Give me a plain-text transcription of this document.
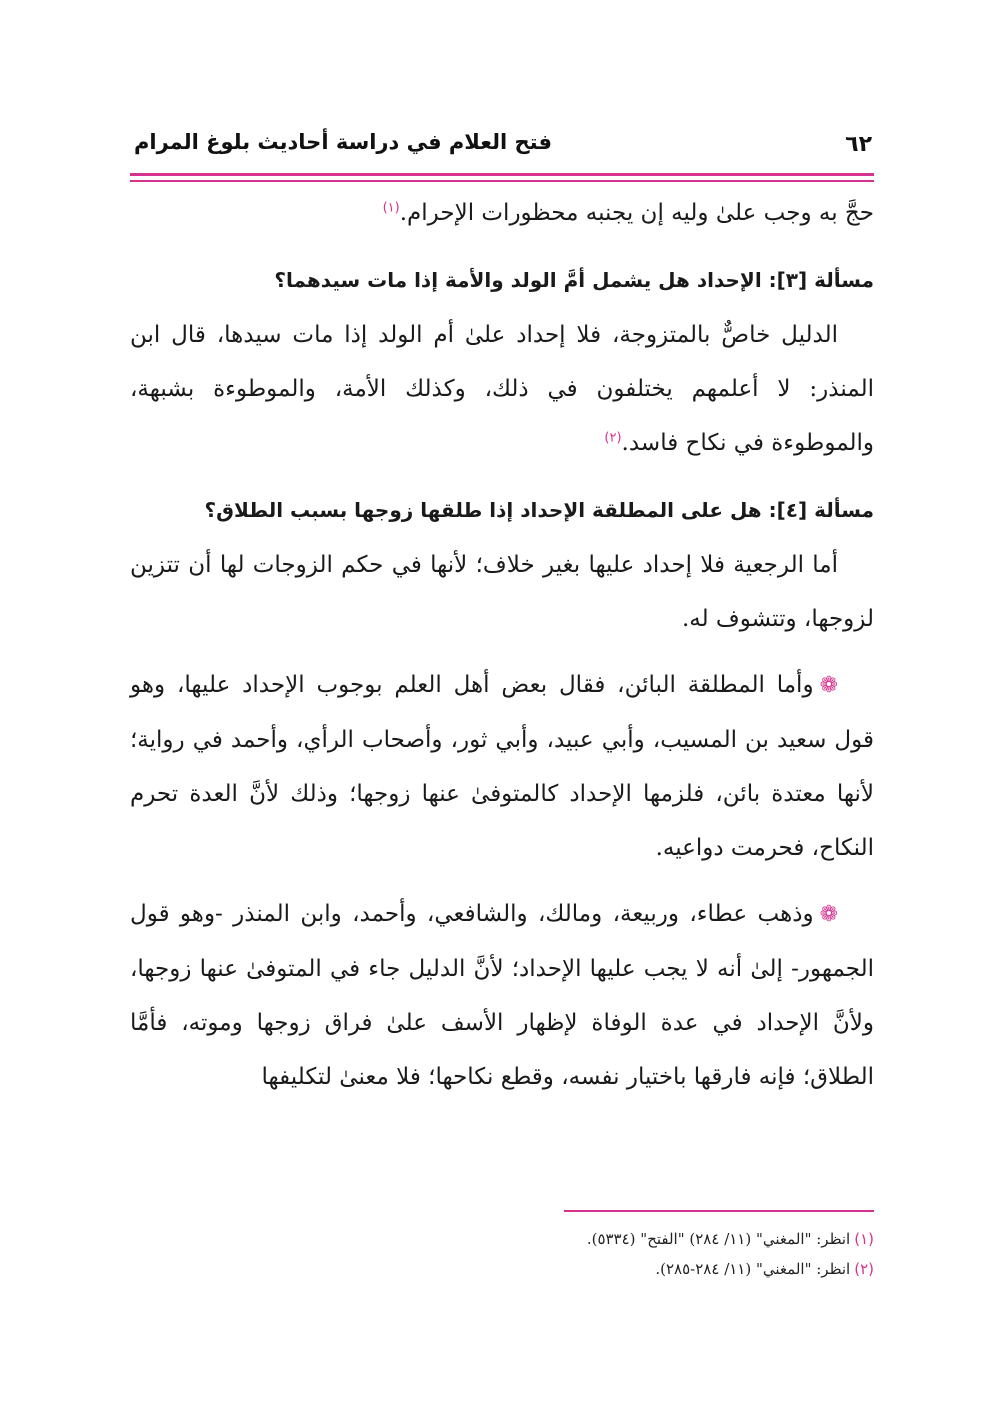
٦٢
فتح العلام في دراسة أحاديث بلوغ المرام

حجَّ به وجب علىٰ وليه إن يجنبه محظورات الإحرام.$^{(١)}$

مسألة [٣]: الإحداد هل يشمل أمَّ الولد والأمة إذا مات سيدهما؟

الدليل خاصٌّ بالمتزوجة، فلا إحداد علىٰ أم الولد إذا مات سيدها، قال ابن المنذر: لا أعلمهم يختلفون في ذلك، وكذلك الأمة، والموطوءة بشبهة، والموطوءة في نكاح فاسد.$^{(٢)}$

مسألة [٤]: هل على المطلقة الإحداد إذا طلقها زوجها بسبب الطلاق؟

أما الرجعية فلا إحداد عليها بغير خلاف؛ لأنها في حكم الزوجات لها أن تتزين لزوجها، وتتشوف له.

❁وأما المطلقة البائن، فقال بعض أهل العلم بوجوب الإحداد عليها، وهو قول سعيد بن المسيب، وأبي عبيد، وأبي ثور، وأصحاب الرأي، وأحمد في رواية؛ لأنها معتدة بائن، فلزمها الإحداد كالمتوفىٰ عنها زوجها؛ وذلك لأنَّ العدة تحرم النكاح، فحرمت دواعيه.

❁وذهب عطاء، وربيعة، ومالك، والشافعي، وأحمد، وابن المنذر -وهو قول الجمهور- إلىٰ أنه لا يجب عليها الإحداد؛ لأنَّ الدليل جاء في المتوفىٰ عنها زوجها، ولأنَّ الإحداد في عدة الوفاة لإظهار الأسف علىٰ فراق زوجها وموته، فأمَّا الطلاق؛ فإنه فارقها باختيار نفسه، وقطع نكاحها؛ فلا معنىٰ لتكليفها

(١)انظر: "المغني" (١١/ ٢٨٤) "الفتح" (٥٣٣٤).
(٢)انظر: "المغني" (١١/ ٢٨٤-٢٨٥).
